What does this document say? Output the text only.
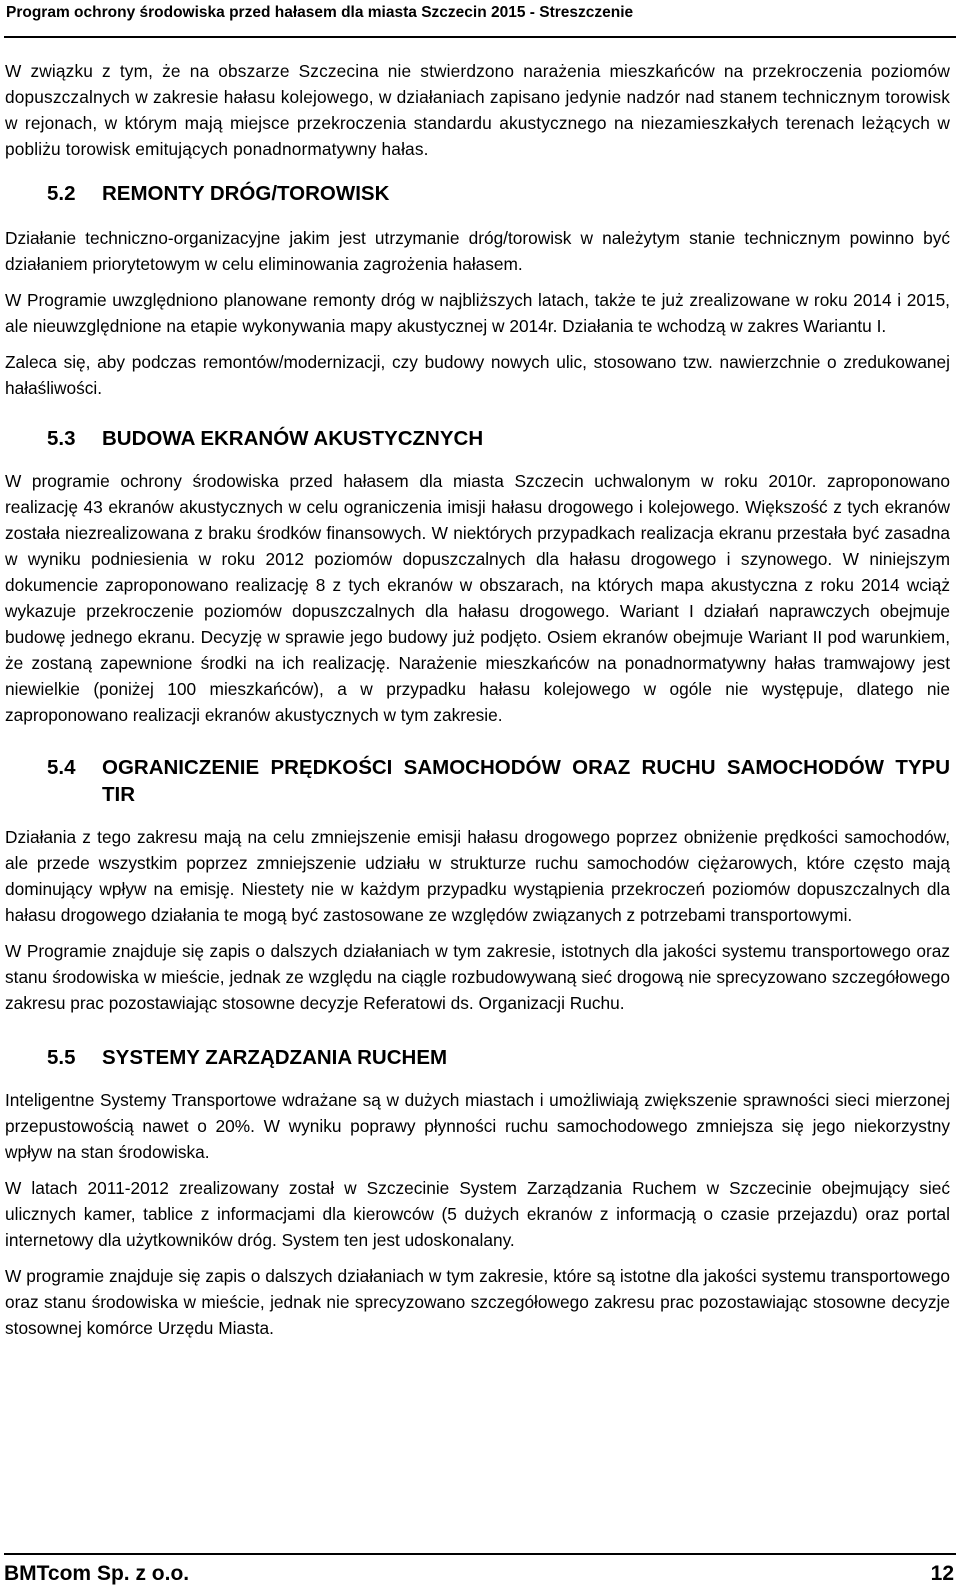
Program ochrony środowiska przed hałasem dla miasta Szczecin 2015 - Streszczenie

W związku z tym, że na obszarze Szczecina nie stwierdzono narażenia mieszkańców na przekroczenia poziomów dopuszczalnych w zakresie hałasu kolejowego, w działaniach zapisano jedynie nadzór nad stanem technicznym torowisk w rejonach, w którym mają miejsce przekroczenia standardu akustycznego na niezamieszkałych terenach leżących w pobliżu torowisk emitujących ponadnormatywny hałas.

5.2	REMONTY DRÓG/TOROWISK

Działanie techniczno-organizacyjne jakim jest utrzymanie dróg/torowisk w należytym stanie technicznym powinno być działaniem priorytetowym w celu eliminowania zagrożenia hałasem.

W Programie uwzględniono planowane remonty dróg w najbliższych latach, także te już zrealizowane w roku 2014 i 2015, ale nieuwzględnione na etapie wykonywania mapy akustycznej w 2014r. Działania te wchodzą w zakres Wariantu I.

Zaleca się, aby podczas remontów/modernizacji, czy budowy nowych ulic, stosowano tzw. nawierzchnie o zredukowanej hałaśliwości.

5.3	BUDOWA EKRANÓW AKUSTYCZNYCH

W programie ochrony środowiska przed hałasem dla miasta Szczecin uchwalonym w roku 2010r. zaproponowano realizację 43 ekranów akustycznych w celu ograniczenia imisji hałasu drogowego i kolejowego. Większość z tych ekranów została niezrealizowana z braku środków finansowych. W niektórych przypadkach realizacja ekranu przestała być zasadna w wyniku podniesienia w roku 2012 poziomów dopuszczalnych dla hałasu drogowego i szynowego. W niniejszym dokumencie zaproponowano realizację 8 z tych ekranów w obszarach, na których mapa akustyczna z roku 2014 wciąż wykazuje przekroczenie poziomów dopuszczalnych dla hałasu drogowego. Wariant I działań naprawczych obejmuje budowę jednego ekranu. Decyzję w sprawie jego budowy już podjęto. Osiem ekranów obejmuje Wariant II pod warunkiem, że zostaną zapewnione środki na ich realizację. Narażenie mieszkańców na ponadnormatywny hałas tramwajowy jest niewielkie (poniżej 100 mieszkańców), a w przypadku hałasu kolejowego w ogóle nie występuje, dlatego nie zaproponowano realizacji ekranów akustycznych w tym zakresie.

5.4	OGRANICZENIE PRĘDKOŚCI SAMOCHODÓW ORAZ RUCHU SAMOCHODÓW TYPU TIR

Działania z tego zakresu mają na celu zmniejszenie emisji hałasu drogowego poprzez obniżenie prędkości samochodów, ale przede wszystkim poprzez zmniejszenie udziału w strukturze ruchu samochodów ciężarowych, które często mają dominujący wpływ na emisję. Niestety nie w każdym przypadku wystąpienia przekroczeń poziomów dopuszczalnych dla hałasu drogowego działania te mogą być zastosowane ze względów związanych z potrzebami transportowymi.

W Programie znajduje się zapis o dalszych działaniach w tym zakresie, istotnych dla jakości systemu transportowego oraz stanu środowiska w mieście, jednak ze względu na ciągle rozbudowywaną sieć drogową nie sprecyzowano szczegółowego zakresu prac pozostawiając stosowne decyzje Referatowi ds. Organizacji Ruchu.

5.5	SYSTEMY ZARZĄDZANIA RUCHEM

Inteligentne Systemy Transportowe wdrażane są w dużych miastach i umożliwiają zwiększenie sprawności sieci mierzonej przepustowością nawet o 20%. W wyniku poprawy płynności ruchu samochodowego zmniejsza się jego niekorzystny wpływ na stan środowiska.

W latach 2011-2012 zrealizowany został w Szczecinie System Zarządzania Ruchem w Szczecinie obejmujący sieć ulicznych kamer, tablice z informacjami dla kierowców (5 dużych ekranów z informacją o czasie przejazdu) oraz portal internetowy dla użytkowników dróg. System ten jest udoskonalany.

W programie znajduje się zapis o dalszych działaniach w tym zakresie, które są istotne dla jakości systemu transportowego oraz stanu środowiska w mieście, jednak nie sprecyzowano szczegółowego zakresu prac pozostawiając stosowne decyzje stosownej komórce Urzędu Miasta.

BMTcom Sp. z o.o.	12
